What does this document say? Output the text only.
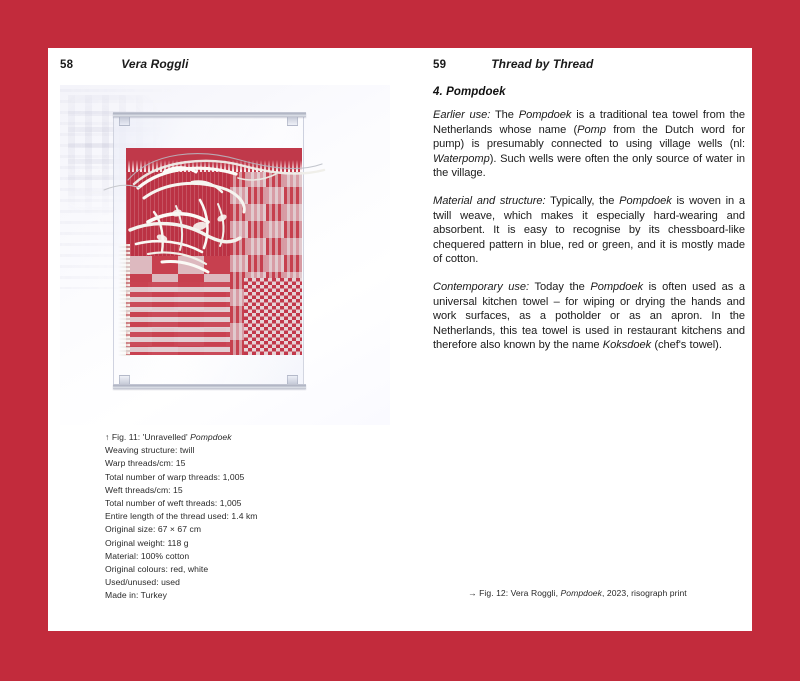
58	Vera Roggli
↑ Fig. 11: 'Unravelled' Pompdoek
Weaving structure: twill
Warp threads/cm: 15
Total number of warp threads: 1,005
Weft threads/cm: 15
Total number of weft threads: 1,005
Entire length of the thread used: 1.4 km
Original size: 67 × 67 cm
Original weight: 118 g
Material: 100% cotton
Original colours: red, white
Used/unused: used
Made in: Turkey
59	Thread by Thread
4. Pompdoek

Earlier use: The Pompdoek is a traditional tea towel from the Netherlands whose name (Pomp from the Dutch word for pump) is presumably connected to using village wells (nl: Waterpomp). Such wells were often the only source of water in the village.

Material and structure: Typically, the Pompdoek is woven in a twill weave, which makes it especially hard-wearing and absorbent. It is easy to recognise by its chessboard-like chequered pattern in blue, red or green, and it is mostly made of cotton.

Contemporary use: Today the Pompdoek is often used as a universal kitchen towel – for wiping or drying the hands and work surfaces, as a potholder or as an apron. In the Netherlands, this tea towel is used in restaurant kitchens and therefore also known by the name Koksdoek (chef's towel).

→ Fig. 12: Vera Roggli, Pompdoek, 2023, risograph print
